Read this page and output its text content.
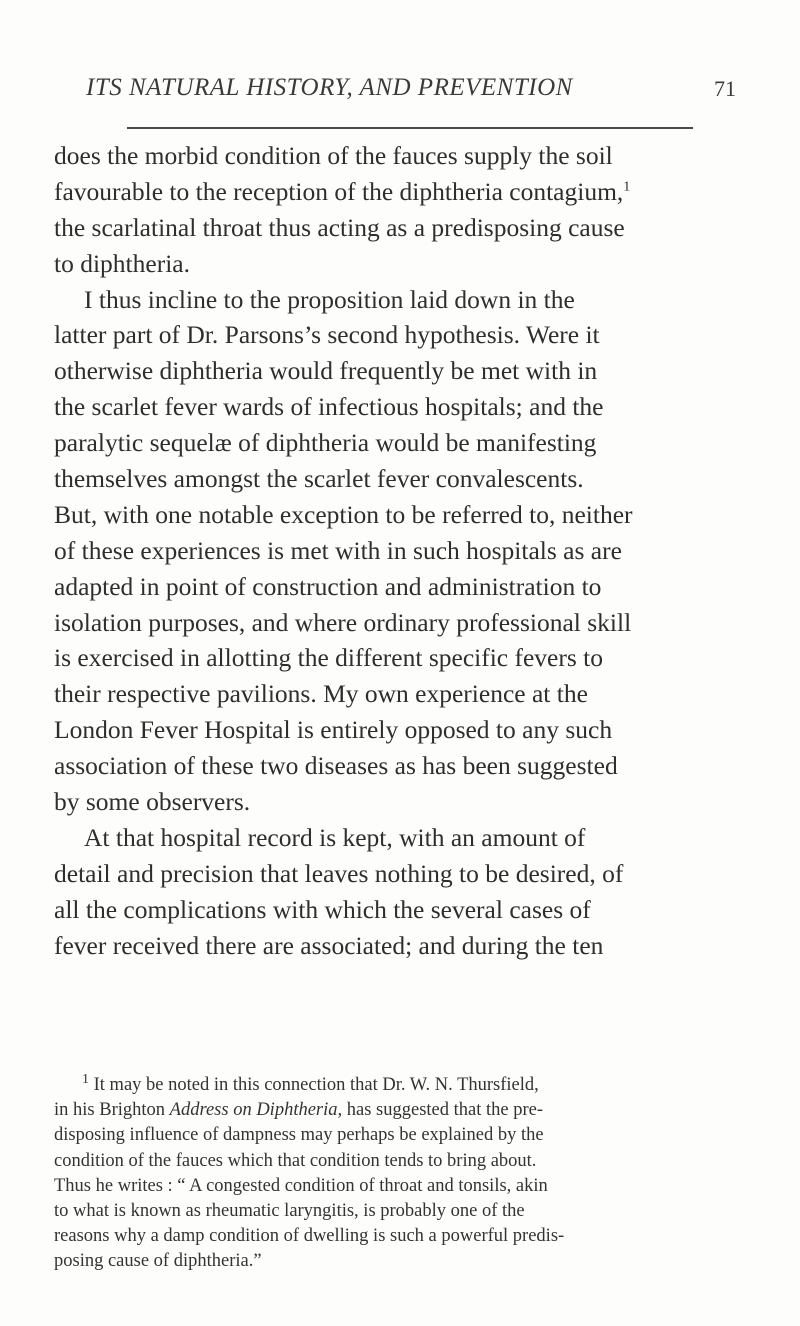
ITS NATURAL HISTORY, AND PREVENTION	71
does the morbid condition of the fauces supply the soil
favourable to the reception of the diphtheria contagium,$^1$
the scarlatinal throat thus acting as a predisposing cause
to diphtheria.
I thus incline to the proposition laid down in the
latter part of Dr. Parsons’s second hypothesis. Were it
otherwise diphtheria would frequently be met with in
the scarlet fever wards of infectious hospitals; and the
paralytic sequelæ of diphtheria would be manifesting
themselves amongst the scarlet fever convalescents.
But, with one notable exception to be referred to, neither
of these experiences is met with in such hospitals as are
adapted in point of construction and administration to
isolation purposes, and where ordinary professional skill
is exercised in allotting the different specific fevers to
their respective pavilions. My own experience at the
London Fever Hospital is entirely opposed to any such
association of these two diseases as has been suggested
by some observers.
At that hospital record is kept, with an amount of
detail and precision that leaves nothing to be desired, of
all the complications with which the several cases of
fever received there are associated; and during the ten
$^1$ It may be noted in this connection that Dr. W. N. Thursfield,
in his Brighton Address on Diphtheria, has suggested that the pre-
disposing influence of dampness may perhaps be explained by the
condition of the fauces which that condition tends to bring about.
Thus he writes : “ A congested condition of throat and tonsils, akin
to what is known as rheumatic laryngitis, is probably one of the
reasons why a damp condition of dwelling is such a powerful predis-
posing cause of diphtheria.”
